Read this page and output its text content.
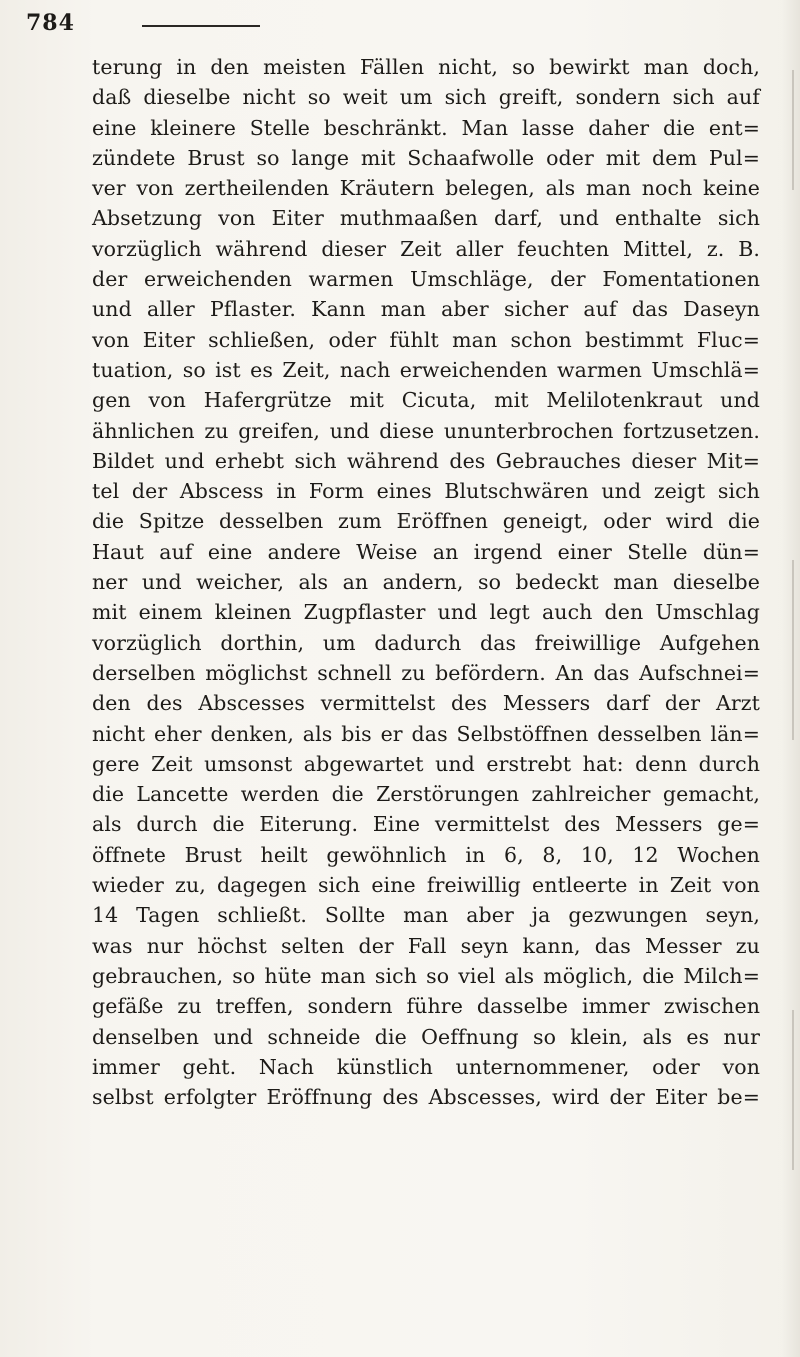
784
terung in den meisten Fällen nicht, so bewirkt man doch,
daß dieselbe nicht so weit um sich greift, sondern sich auf
eine kleinere Stelle beschränkt. Man lasse daher die ent=
zündete Brust so lange mit Schaafwolle oder mit dem Pul=
ver von zertheilenden Kräutern belegen, als man noch keine
Absetzung von Eiter muthmaaßen darf, und enthalte sich
vorzüglich während dieser Zeit aller feuchten Mittel, z. B.
der erweichenden warmen Umschläge, der Fomentationen
und aller Pflaster. Kann man aber sicher auf das Daseyn
von Eiter schließen, oder fühlt man schon bestimmt Fluc=
tuation, so ist es Zeit, nach erweichenden warmen Umschlä=
gen von Hafergrütze mit Cicuta, mit Melilotenkraut und
ähnlichen zu greifen, und diese ununterbrochen fortzusetzen.
Bildet und erhebt sich während des Gebrauches dieser Mit=
tel der Abscess in Form eines Blutschwären und zeigt sich
die Spitze desselben zum Eröffnen geneigt, oder wird die
Haut auf eine andere Weise an irgend einer Stelle dün=
ner und weicher, als an andern, so bedeckt man dieselbe
mit einem kleinen Zugpflaster und legt auch den Umschlag
vorzüglich dorthin, um dadurch das freiwillige Aufgehen
derselben möglichst schnell zu befördern. An das Aufschnei=
den des Abscesses vermittelst des Messers darf der Arzt
nicht eher denken, als bis er das Selbstöffnen desselben län=
gere Zeit umsonst abgewartet und erstrebt hat: denn durch
die Lancette werden die Zerstörungen zahlreicher gemacht,
als durch die Eiterung. Eine vermittelst des Messers ge=
öffnete Brust heilt gewöhnlich in 6, 8, 10, 12 Wochen
wieder zu, dagegen sich eine freiwillig entleerte in Zeit von
14 Tagen schließt. Sollte man aber ja gezwungen seyn,
was nur höchst selten der Fall seyn kann, das Messer zu
gebrauchen, so hüte man sich so viel als möglich, die Milch=
gefäße zu treffen, sondern führe dasselbe immer zwischen
denselben und schneide die Oeffnung so klein, als es nur
immer geht. Nach künstlich unternommener, oder von
selbst erfolgter Eröffnung des Abscesses, wird der Eiter be=
